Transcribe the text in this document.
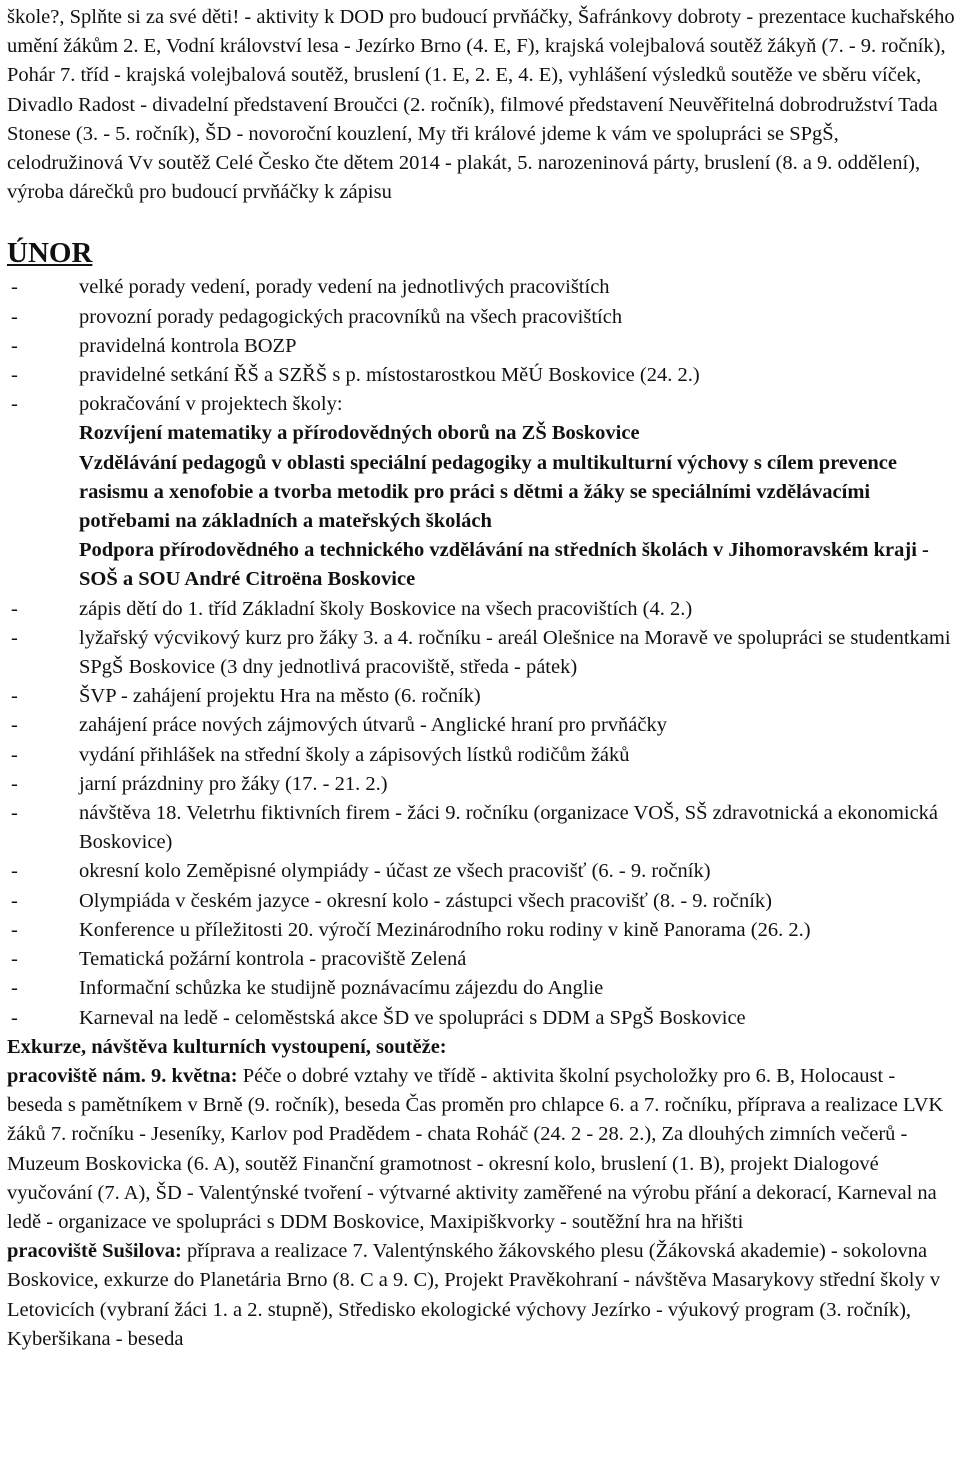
škole?, Splňte si za své děti! - aktivity k DOD pro budoucí prvňáčky, Šafránkovy dobroty - prezentace kuchařského umění žákům 2. E, Vodní království lesa - Jezírko Brno (4. E, F), krajská volejbalová soutěž žákyň (7. - 9. ročník), Pohár 7. tříd - krajská volejbalová soutěž, bruslení (1. E, 2. E, 4. E), vyhlášení výsledků soutěže ve sběru víček, Divadlo Radost - divadelní představení Broučci (2. ročník), filmové představení Neuvěřitelná dobrodružství Tada Stonese (3. - 5. ročník), ŠD - novoroční kouzlení, My tři králové jdeme k vám ve spolupráci se SPgŠ, celodružinová Vv soutěž Celé Česko čte dětem 2014 - plakát, 5. narozeninová párty, bruslení (8. a 9. oddělení), výroba dárečků pro budoucí prvňáčky k zápisu

ÚNOR
-	velké porady vedení, porady vedení na jednotlivých pracovištích
-	provozní porady pedagogických pracovníků na všech pracovištích
-	pravidelná kontrola BOZP
-	pravidelné setkání ŘŠ a SZŘŠ s p. místostarostkou MěÚ Boskovice (24. 2.)
-	pokračování v projektech školy:
Rozvíjení matematiky a přírodovědných oborů na ZŠ Boskovice
Vzdělávání pedagogů v oblasti speciální pedagogiky a multikulturní výchovy s cílem prevence rasismu a xenofobie a tvorba metodik pro práci s dětmi a žáky se speciálními vzdělávacími potřebami na základních a mateřských školách
Podpora přírodovědného a technického vzdělávání na středních školách v Jihomoravském kraji - SOŠ a SOU André Citroëna Boskovice
-	zápis dětí do 1. tříd Základní školy Boskovice na všech pracovištích (4. 2.)
-	lyžařský výcvikový kurz pro žáky 3. a 4. ročníku - areál Olešnice na Moravě ve spolupráci se studentkami SPgŠ Boskovice (3 dny jednotlivá pracoviště, středa - pátek)
-	ŠVP - zahájení projektu Hra na město (6. ročník)
-	zahájení práce nových zájmových útvarů - Anglické hraní pro prvňáčky
-	vydání přihlášek na střední školy a zápisových lístků rodičům žáků
-	jarní prázdniny pro žáky (17. - 21. 2.)
-	návštěva 18. Veletrhu fiktivních firem - žáci 9. ročníku (organizace VOŠ, SŠ zdravotnická a ekonomická Boskovice)
-	okresní kolo Zeměpisné olympiády - účast ze všech pracovišť (6. - 9. ročník)
-	Olympiáda v českém jazyce - okresní kolo - zástupci všech pracovišť (8. - 9. ročník)
-	Konference u příležitosti 20. výročí Mezinárodního roku rodiny v kině Panorama (26. 2.)
-	Tematická požární kontrola - pracoviště Zelená
-	Informační schůzka ke studijně poznávacímu zájezdu do Anglie
-	Karneval na ledě - celoměstská akce ŠD ve spolupráci s DDM a SPgŠ Boskovice

Exkurze, návštěva kulturních vystoupení, soutěže:

pracoviště nám. 9. května: Péče o dobré vztahy ve třídě - aktivita školní psycholožky pro 6. B, Holocaust - beseda s pamětníkem v Brně (9. ročník), beseda Čas proměn pro chlapce 6. a 7. ročníku, příprava a realizace LVK žáků 7. ročníku - Jeseníky, Karlov pod Pradědem - chata Roháč (24. 2 - 28. 2.), Za dlouhých zimních večerů - Muzeum Boskovicka (6. A), soutěž Finanční gramotnost - okresní kolo, bruslení (1. B), projekt Dialogové vyučování (7. A), ŠD - Valentýnské tvoření - výtvarné aktivity zaměřené na výrobu přání a dekorací, Karneval na ledě - organizace ve spolupráci s DDM Boskovice, Maxipiškvorky - soutěžní hra na hřišti

pracoviště Sušilova: příprava a realizace 7. Valentýnského žákovského plesu (Žákovská akademie) - sokolovna Boskovice, exkurze do Planetária Brno (8. C a 9. C), Projekt Pravěkohraní - návštěva Masarykovy střední školy v Letovicích (vybraní žáci 1. a 2. stupně), Středisko ekologické výchovy Jezírko - výukový program (3. ročník), Kyberšikana - beseda
